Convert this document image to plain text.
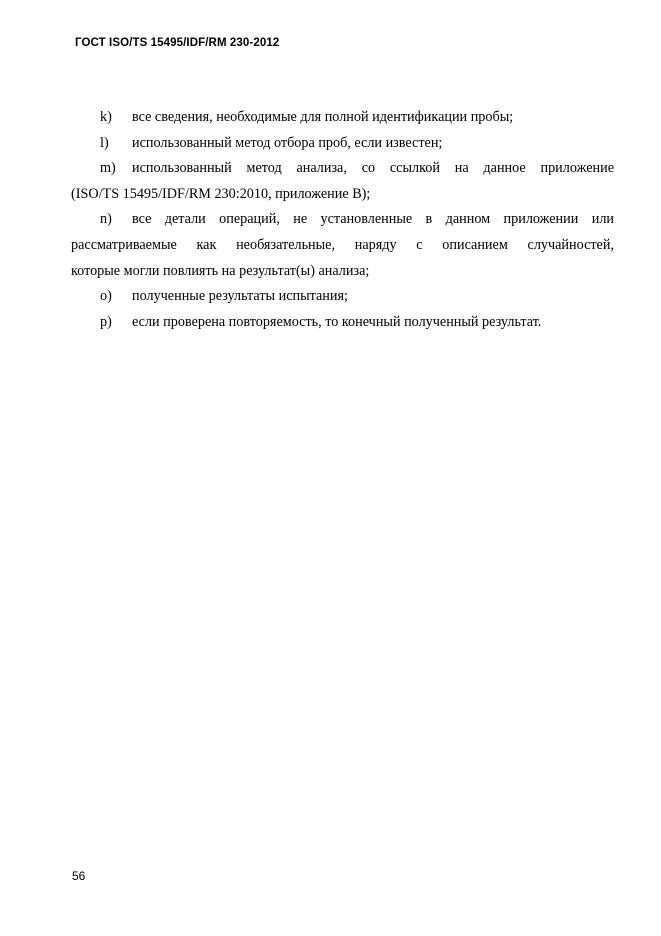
ГОСТ ISO/TS 15495/IDF/RM 230-2012

k) все сведения, необходимые для полной идентификации пробы;

l) использованный метод отбора проб, если известен;

m) использованный метод анализа, со ссылкой на данное приложение
(ISO/TS 15495/IDF/RM 230:2010, приложение В);

n) все детали операций, не установленные в данном приложении или
рассматриваемые как необязательные, наряду с описанием случайностей,
которые могли повлиять на результат(ы) анализа;

o) полученные результаты испытания;

p) если проверена повторяемость, то конечный полученный результат.

56
